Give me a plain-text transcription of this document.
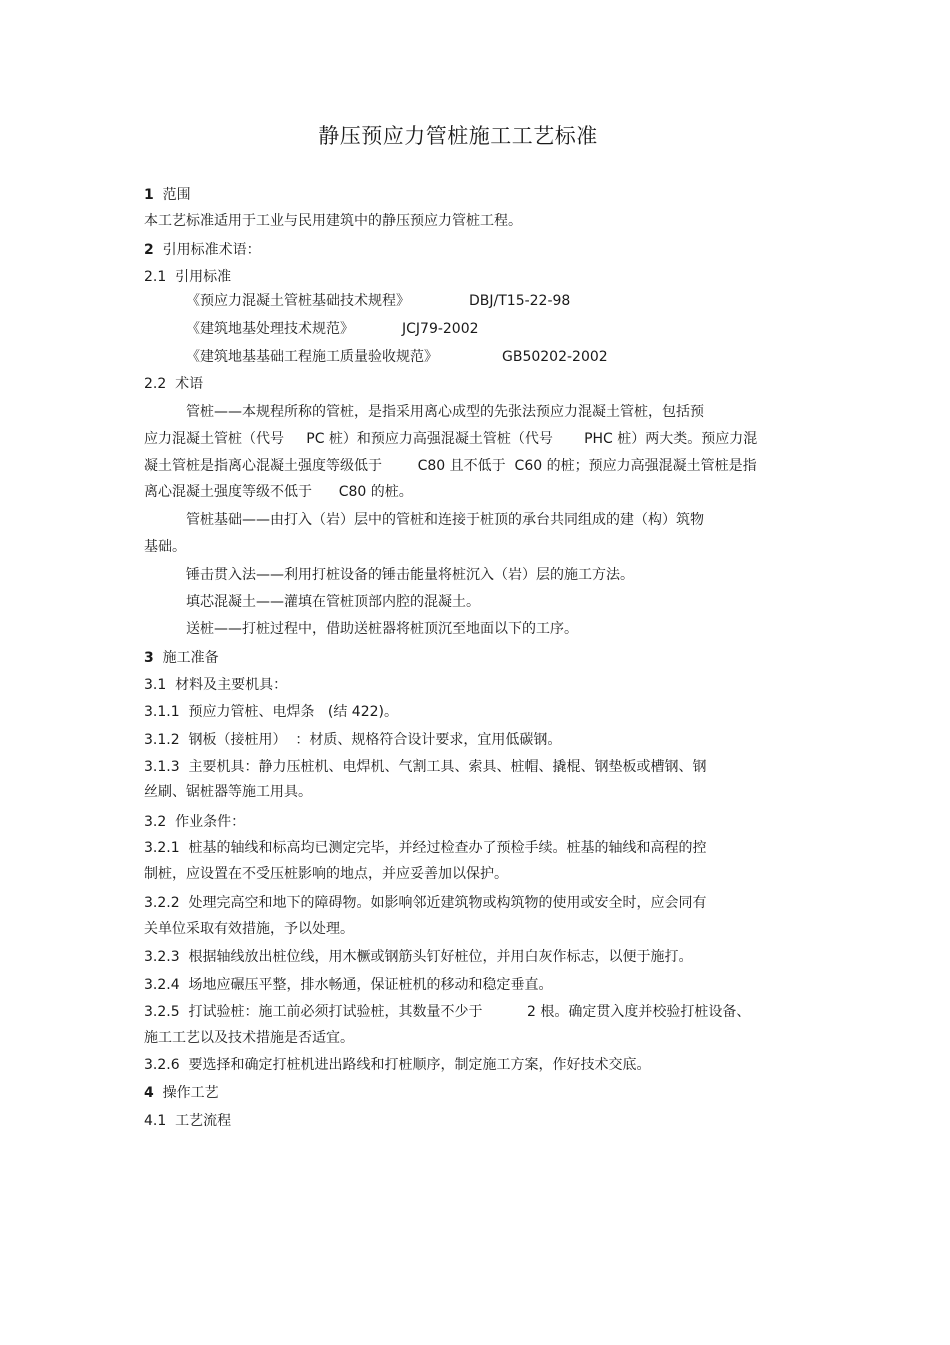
静压预应力管桩施工工艺标准
1 范围
本工艺标准适用于工业与民用建筑中的静压预应力管桩工程。
2 引用标准术语：
2.1 引用标准
《预应力混凝土管桩基础技术规程》	DBJ/T15-22-98
《建筑地基处理技术规范》	JCJ79-2002
《建筑地基基础工程施工质量验收规范》	GB50202-2002
2.2 术语
管桩——本规程所称的管桩，是指采用离心成型的先张法预应力混凝土管桩，包括预
应力混凝土管桩（代号     PC 桩）和预应力高强混凝土管桩（代号       PHC 桩）两大类。预应力混
凝土管桩是指离心混凝土强度等级低于        C80 且不低于  C60 的桩；预应力高强混凝土管桩是指
离心混凝土强度等级不低于      C80 的桩。
管桩基础——由打入（岩）层中的管桩和连接于桩顶的承台共同组成的建（构）筑物
基础。
锤击贯入法——利用打桩设备的锤击能量将桩沉入（岩）层的施工方法。
填芯混凝土——灌填在管桩顶部内腔的混凝土。
送桩——打桩过程中，借助送桩器将桩顶沉至地面以下的工序。
3 施工准备
3.1  材料及主要机具：
3.1.1  预应力管桩、电焊条   (结 422)。
3.1.2  钢板（接桩用）  ：材质、规格符合设计要求，宜用低碳钢。
3.1.3  主要机具：静力压桩机、电焊机、气割工具、索具、桩帽、撬棍、钢垫板或槽钢、钢
丝刷、锯桩器等施工用具。
3.2  作业条件：
3.2.1  桩基的轴线和标高均已测定完毕，并经过检查办了预检手续。桩基的轴线和高程的控
制桩，应设置在不受压桩影响的地点，并应妥善加以保护。
3.2.2  处理完高空和地下的障碍物。如影响邻近建筑物或构筑物的使用或安全时，应会同有
关单位采取有效措施，予以处理。
3.2.3  根据轴线放出桩位线，用木橛或钢筋头钉好桩位，并用白灰作标志，以便于施打。
3.2.4  场地应碾压平整，排水畅通，保证桩机的移动和稳定垂直。
3.2.5  打试验桩：施工前必须打试验桩，其数量不少于          2 根。确定贯入度并校验打桩设备、
施工工艺以及技术措施是否适宜。
3.2.6  要选择和确定打桩机进出路线和打桩顺序，制定施工方案，作好技术交底。
4 操作工艺
4.1  工艺流程
